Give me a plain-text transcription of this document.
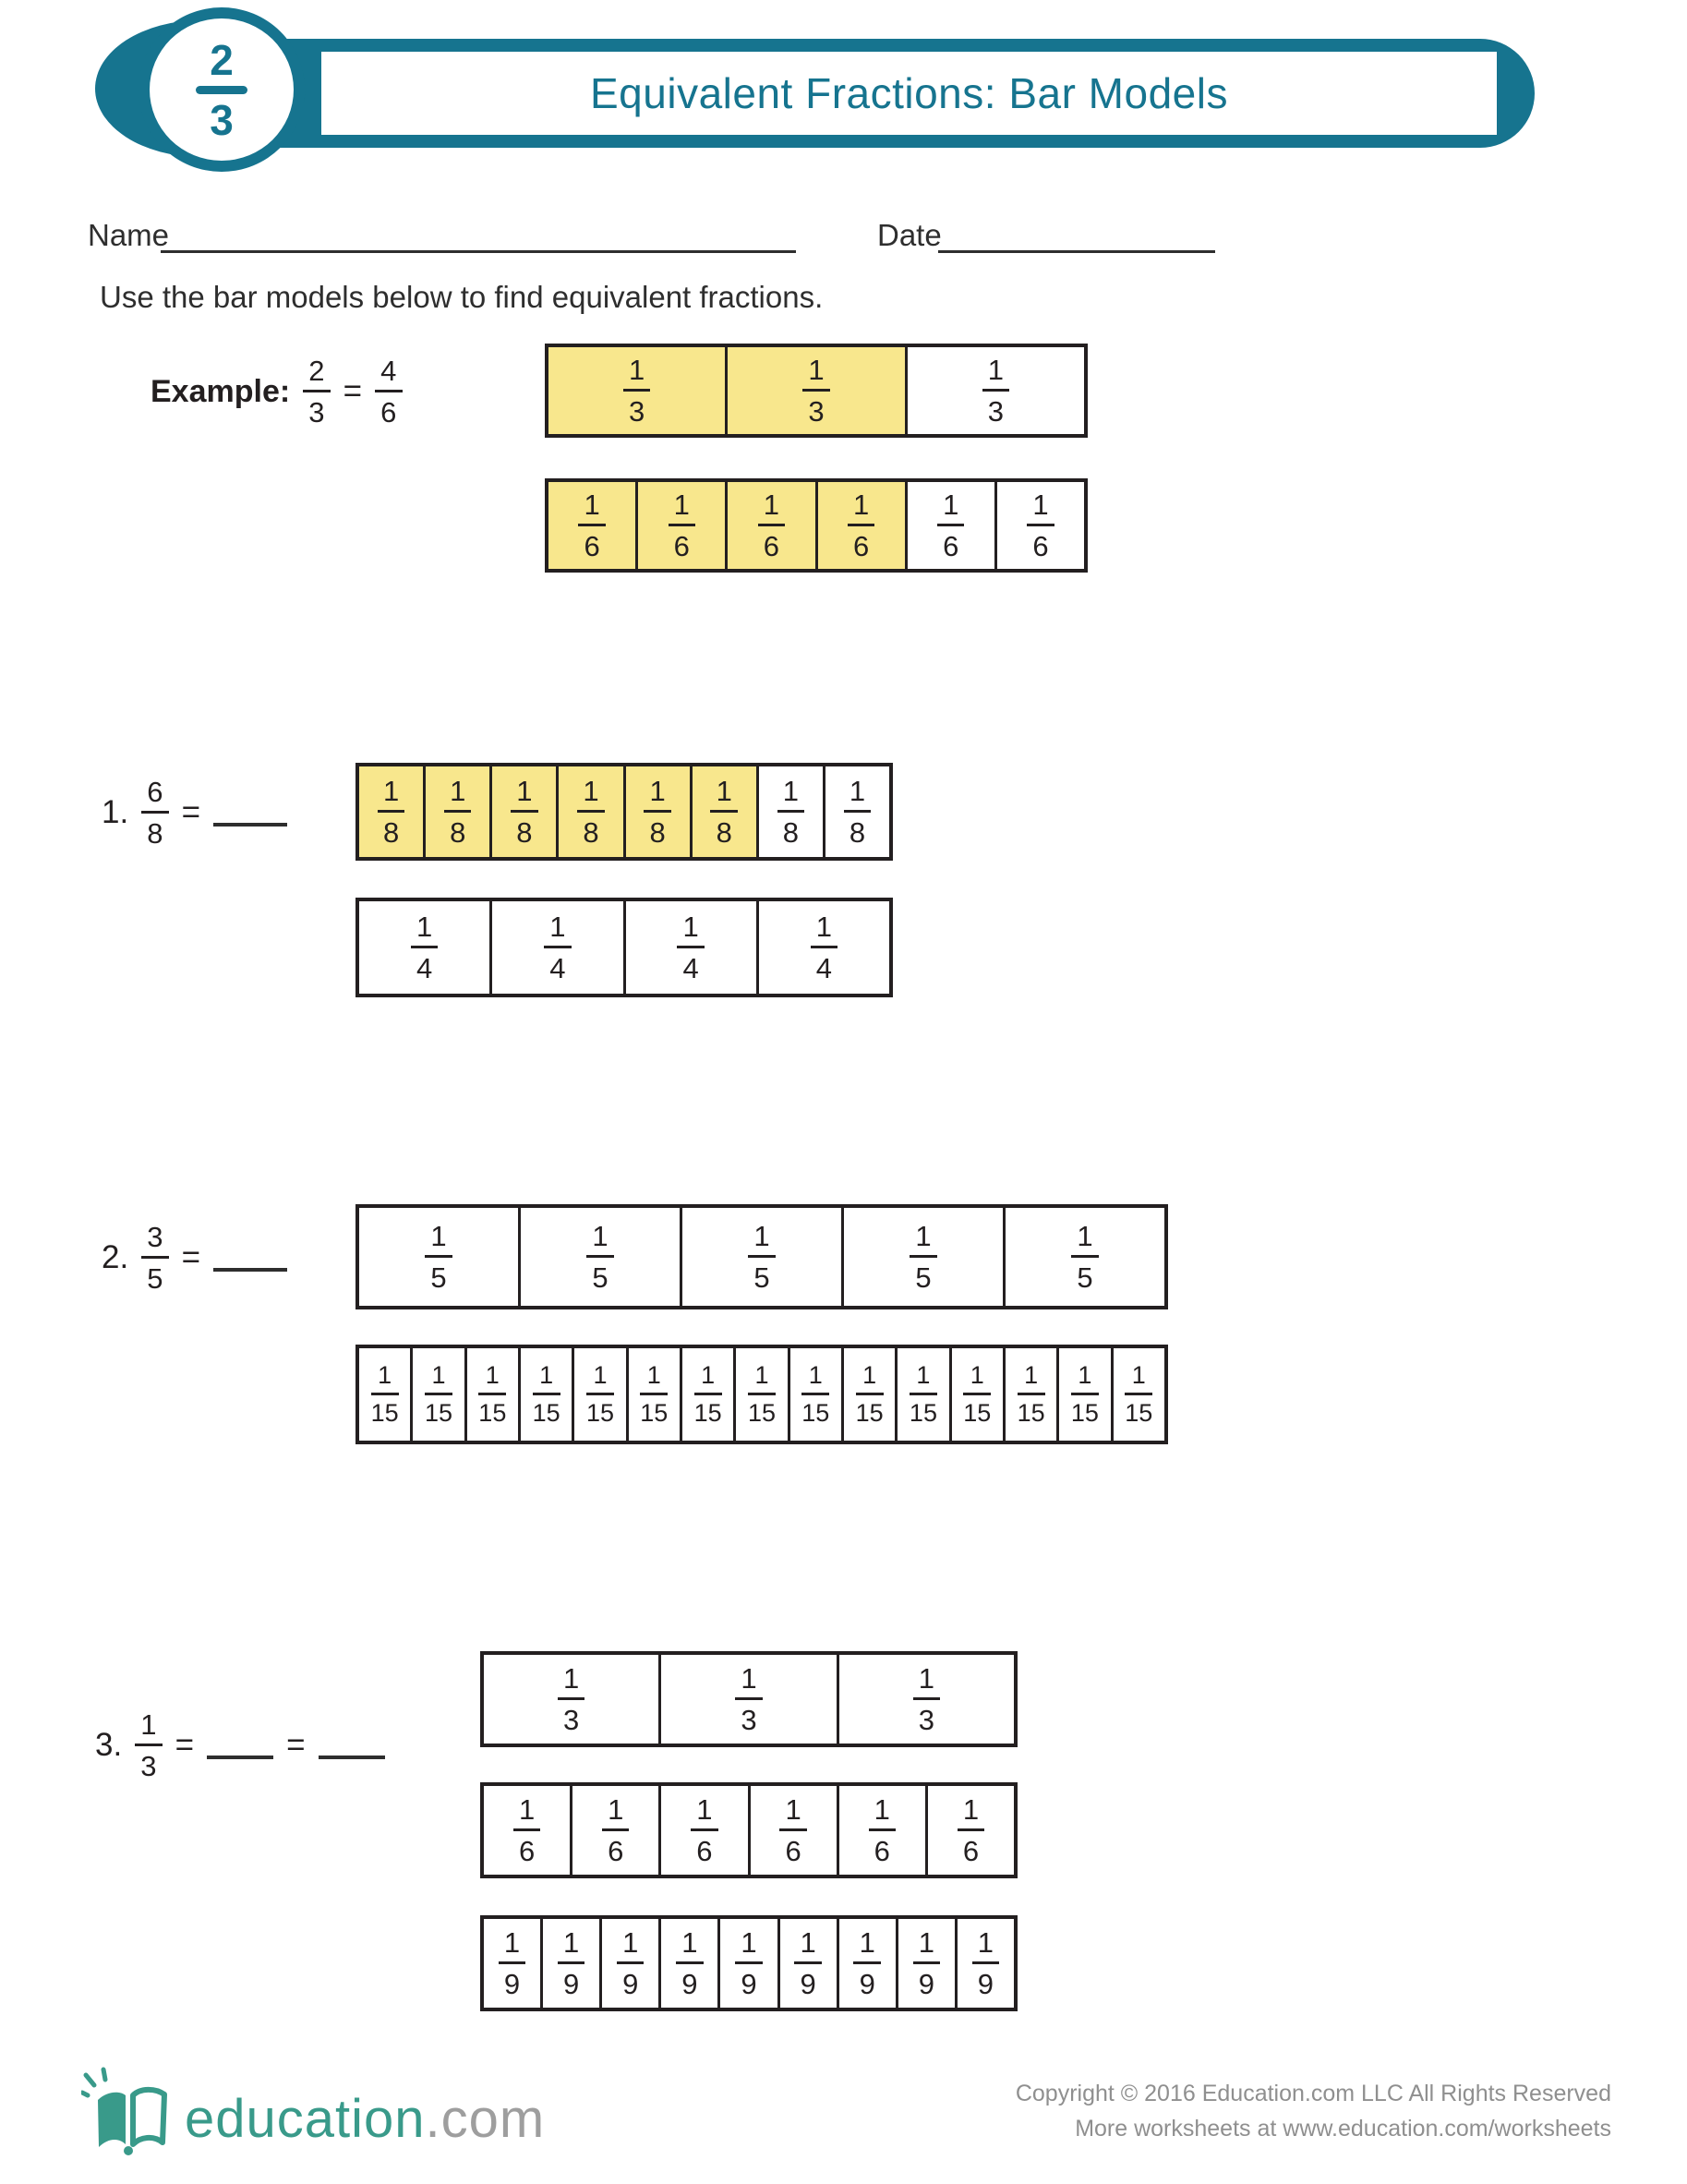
Equivalent Fractions: Bar Models
2
3
Name	Date
Use the bar models below to find equivalent fractions.
Example: $\frac{2}{3} = \frac{4}{6}$	$\frac{1}{3}$	$\frac{1}{3}$	$\frac{1}{3}$
$\frac{1}{6} \frac{1}{6} \frac{1}{6} \frac{1}{6} \frac{1}{6} \frac{1}{6}$
1. $\frac{6}{8}$ =	$\frac{1}{8} \frac{1}{8} \frac{1}{8} \frac{1}{8} \frac{1}{8} \frac{1}{8} \frac{1}{8} \frac{1}{8}$
$\frac{1}{4}$	$\frac{1}{4}$	$\frac{1}{4}$	$\frac{1}{4}$
2. $\frac{3}{5}$ =	$\frac{1}{5}$	$\frac{1}{5}$	$\frac{1}{5}$	$\frac{1}{5}$	$\frac{1}{5}$
$\frac{1}{15} \frac{1}{15} \frac{1}{15} \frac{1}{15} \frac{1}{15} \frac{1}{15} \frac{1}{15} \frac{1}{15} \frac{1}{15} \frac{1}{15} \frac{1}{15} \frac{1}{15} \frac{1}{15} \frac{1}{15} \frac{1}{15}$
3. $\frac{1}{3}$ =	=
$\frac{1}{3}$	$\frac{1}{3}$	$\frac{1}{3}$
$\frac{1}{6} \frac{1}{6} \frac{1}{6} \frac{1}{6} \frac{1}{6} \frac{1}{6}$
$\frac{1}{9} \frac{1}{9} \frac{1}{9} \frac{1}{9} \frac{1}{9} \frac{1}{9} \frac{1}{9} \frac{1}{9} \frac{1}{9}$
education.com	Copyright © 2016 Education.com LLC All Rights Reserved
More worksheets at www.education.com/worksheets
